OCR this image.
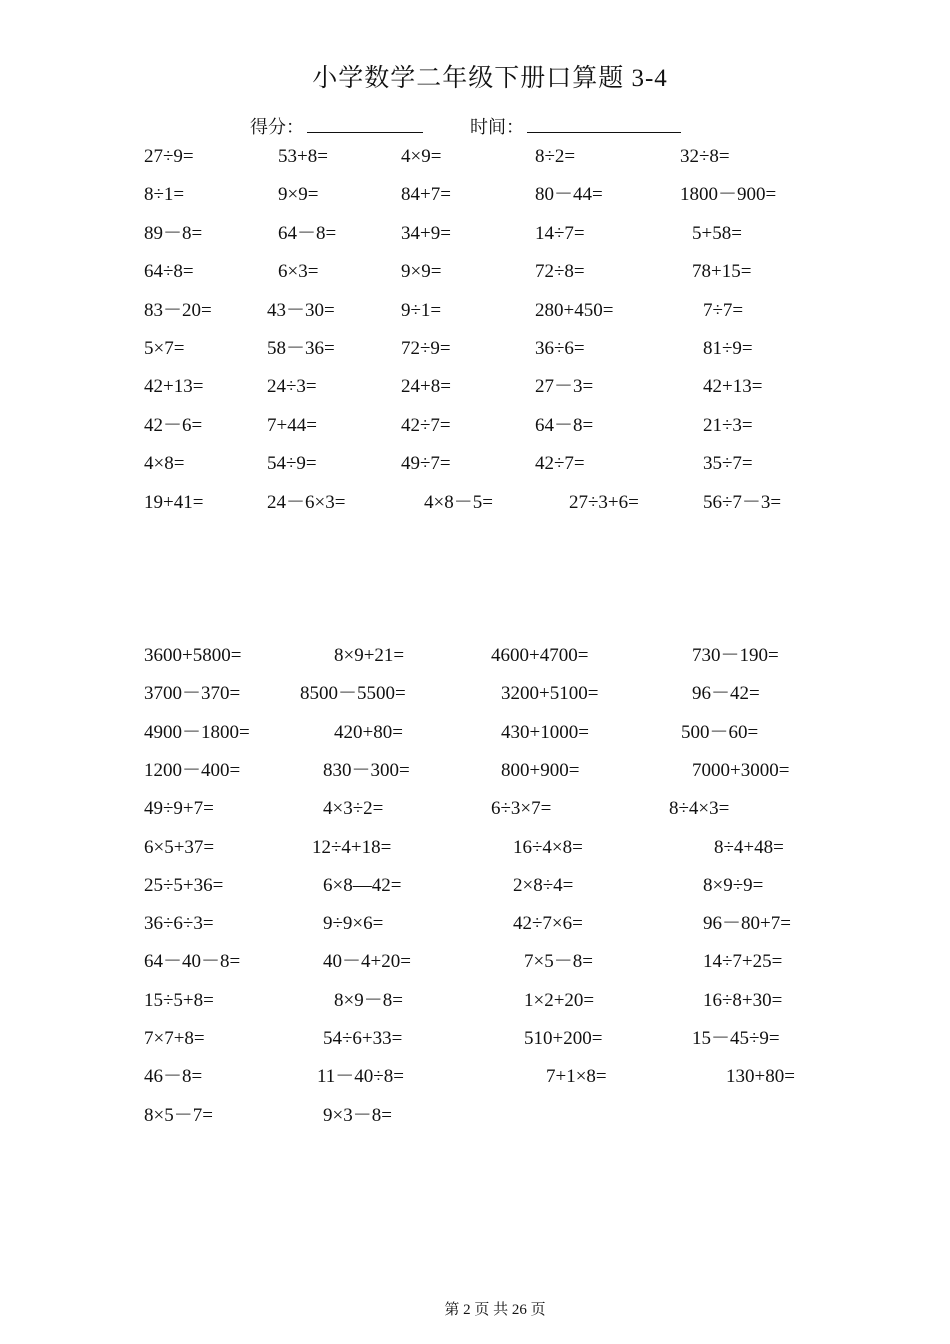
小学数学二年级下册口算题 3-4
得分：	时间：
27÷9=	53+8=	4×9=	8÷2=	32÷8=
8÷1=	9×9=	84+7=	80－44=	1800－900=
89－8=	64－8=	34+9=	14÷7=	5+58=
64÷8=	6×3=	9×9=	72÷8=	78+15=
83－20=	43－30=	9÷1=	280+450=	7÷7=
5×7=	58－36=	72÷9=	36÷6=	81÷9=
42+13=	24÷3=	24+8=	27－3=	42+13=
42－6=	7+44=	42÷7=	64－8=	21÷3=
4×8=	54÷9=	49÷7=	42÷7=	35÷7=
19+41=	24－6×3=	4×8－5=	27÷3+6=	56÷7－3=
3600+5800=	8×9+21=	4600+4700=	730－190=
3700－370=	8500－5500=	3200+5100=	96－42=
4900－1800=	420+80=	430+1000=	500－60=
1200－400=	830－300=	800+900=	7000+3000=
49÷9+7=	4×3÷2=	6÷3×7=	8÷4×3=
6×5+37=	12÷4+18=	16÷4×8=	8÷4+48=
25÷5+36=	6×8—42=	2×8÷4=	8×9÷9=
36÷6÷3=	9÷9×6=	42÷7×6=	96－80+7=
64－40－8=	40－4+20=	7×5－8=	14÷7+25=
15÷5+8=	8×9－8=	1×2+20=	16÷8+30=
7×7+8=	54÷6+33=	510+200=	15－45÷9=
46－8=	11－40÷8=	7+1×8=	130+80=
8×5－7=	9×3－8=
第 2 页 共 26 页
